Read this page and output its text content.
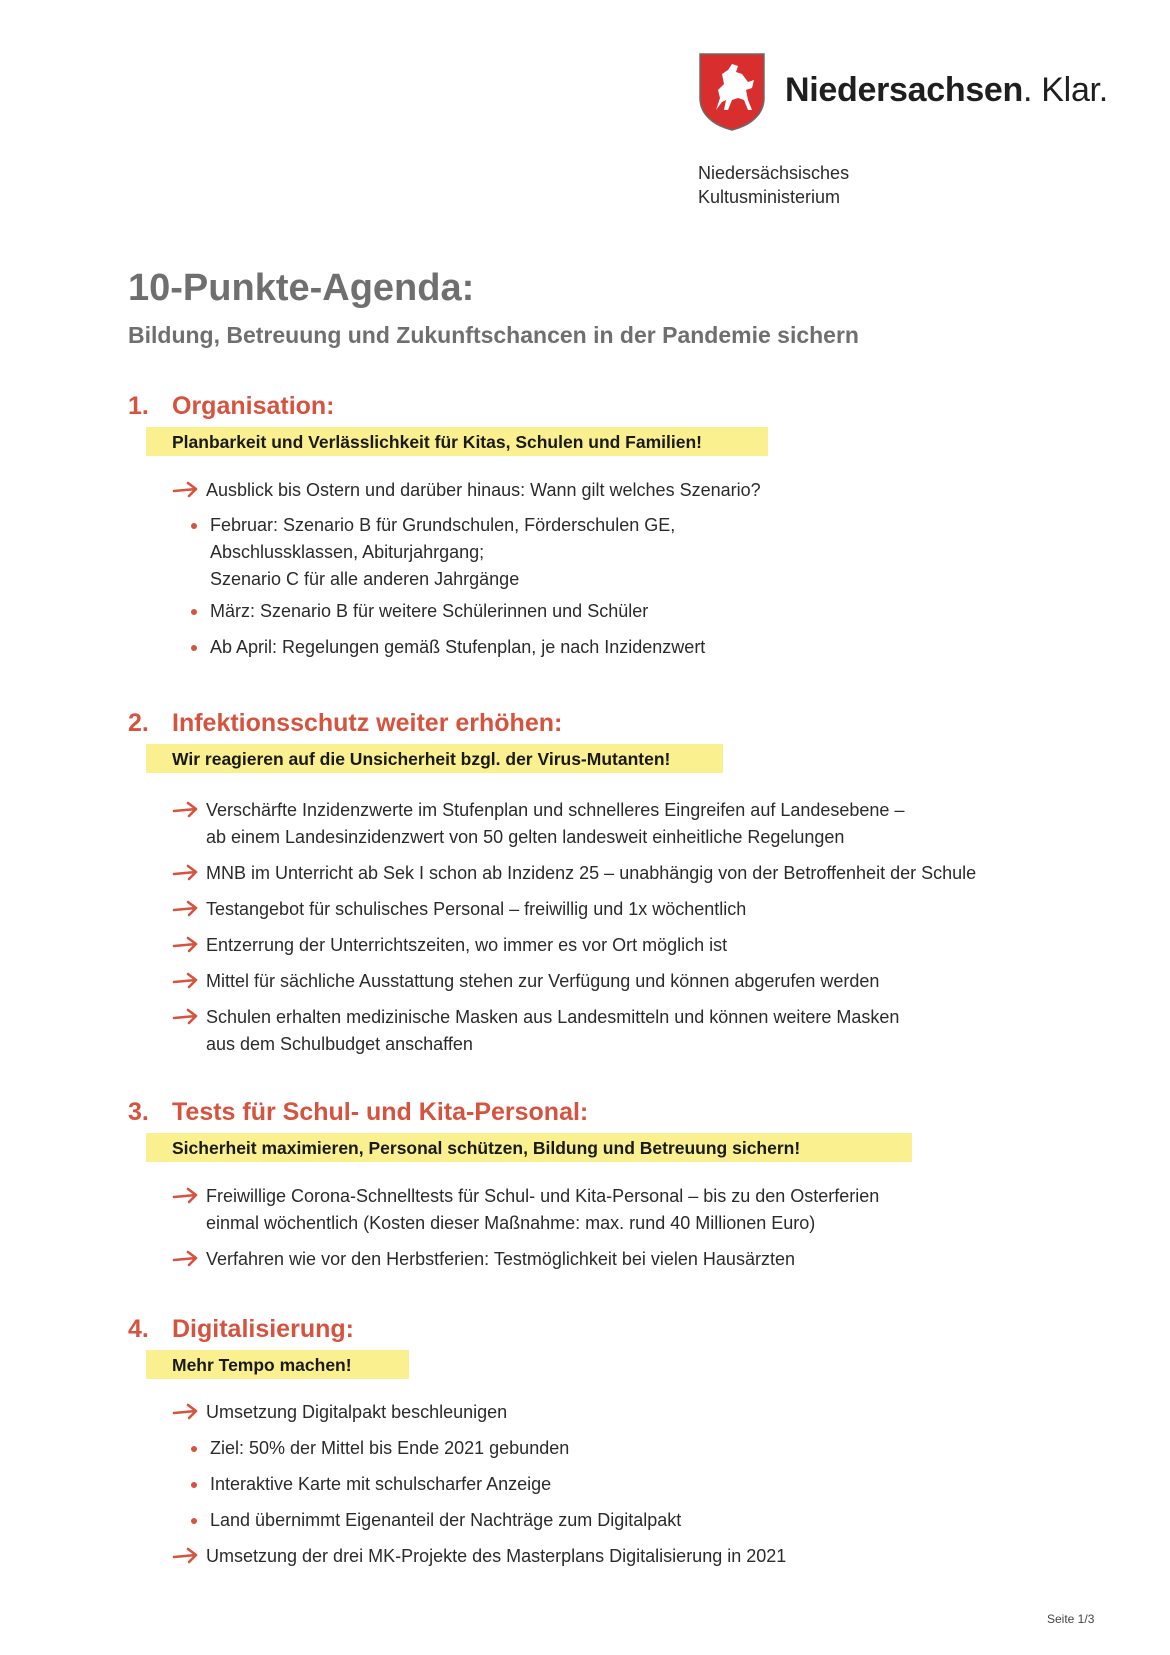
Niedersachsen. Klar.
Niedersächsisches
Kultusministerium
10-Punkte-Agenda:
Bildung, Betreuung und Zukunftschancen in der Pandemie sichern
1. Organisation:
Planbarkeit und Verlässlichkeit für Kitas, Schulen und Familien!
Ausblick bis Ostern und darüber hinaus: Wann gilt welches Szenario?
Februar: Szenario B für Grundschulen, Förderschulen GE,
Abschlussklassen, Abiturjahrgang;
Szenario C für alle anderen Jahrgänge
März: Szenario B für weitere Schülerinnen und Schüler
Ab April: Regelungen gemäß Stufenplan, je nach Inzidenzwert
2. Infektionsschutz weiter erhöhen:
Wir reagieren auf die Unsicherheit bzgl. der Virus-Mutanten!
Verschärfte Inzidenzwerte im Stufenplan und schnelleres Eingreifen auf Landesebene –
ab einem Landesinzidenzwert von 50 gelten landesweit einheitliche Regelungen
MNB im Unterricht ab Sek I schon ab Inzidenz 25 – unabhängig von der Betroffenheit der Schule
Testangebot für schulisches Personal – freiwillig und 1x wöchentlich
Entzerrung der Unterrichtszeiten, wo immer es vor Ort möglich ist
Mittel für sächliche Ausstattung stehen zur Verfügung und können abgerufen werden
Schulen erhalten medizinische Masken aus Landesmitteln und können weitere Masken
aus dem Schulbudget anschaffen
3. Tests für Schul- und Kita-Personal:
Sicherheit maximieren, Personal schützen, Bildung und Betreuung sichern!
Freiwillige Corona-Schnelltests für Schul- und Kita-Personal – bis zu den Osterferien
einmal wöchentlich (Kosten dieser Maßnahme: max. rund 40 Millionen Euro)
Verfahren wie vor den Herbstferien: Testmöglichkeit bei vielen Hausärzten
4. Digitalisierung:
Mehr Tempo machen!
Umsetzung Digitalpakt beschleunigen
Ziel: 50% der Mittel bis Ende 2021 gebunden
Interaktive Karte mit schulscharfer Anzeige
Land übernimmt Eigenanteil der Nachträge zum Digitalpakt
Umsetzung der drei MK-Projekte des Masterplans Digitalisierung in 2021
Seite 1/3
